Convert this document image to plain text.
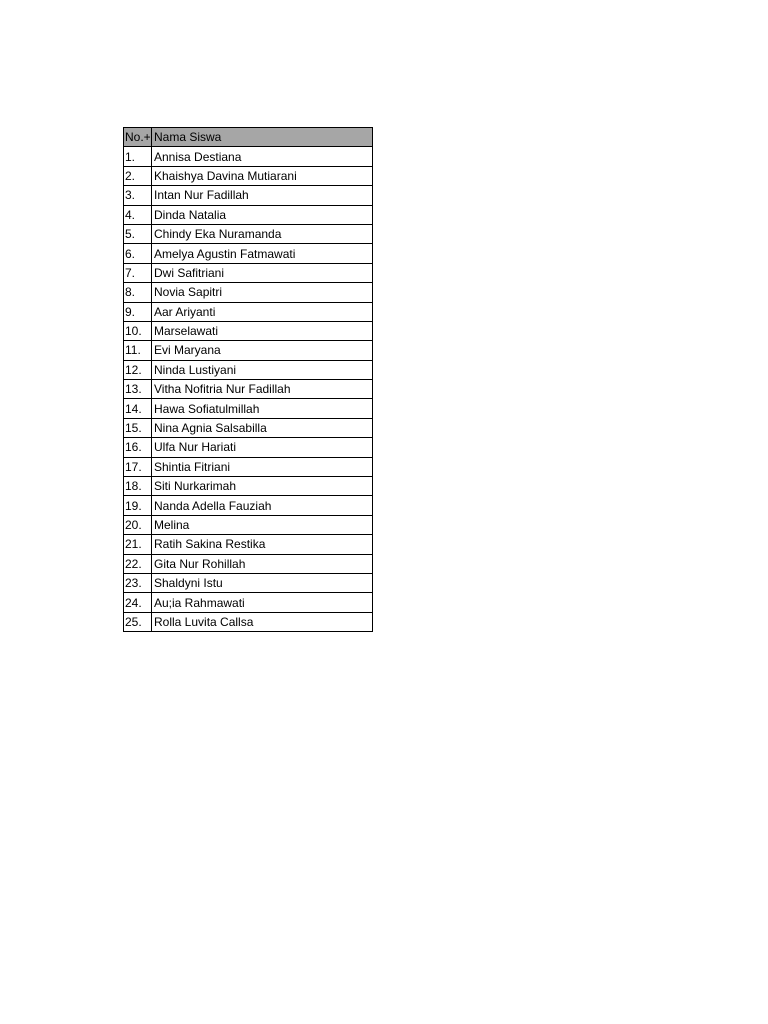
No.+	Nama Siswa
1.	Annisa Destiana
2.	Khaishya Davina Mutiarani
3.	Intan Nur Fadillah
4.	Dinda Natalia
5.	Chindy Eka Nuramanda
6.	Amelya Agustin Fatmawati
7.	Dwi Safitriani
8.	Novia Sapitri
9.	Aar Ariyanti
10.	Marselawati
11.	Evi Maryana
12.	Ninda Lustiyani
13.	Vitha Nofitria Nur Fadillah
14.	Hawa Sofiatulmillah
15.	Nina Agnia Salsabilla
16.	Ulfa Nur Hariati
17.	Shintia Fitriani
18.	Siti Nurkarimah
19.	Nanda Adella Fauziah
20.	Melina
21.	Ratih Sakina Restika
22.	Gita Nur Rohillah
23.	Shaldyni Istu
24.	Au;ia Rahmawati
25.	Rolla Luvita Callsa
